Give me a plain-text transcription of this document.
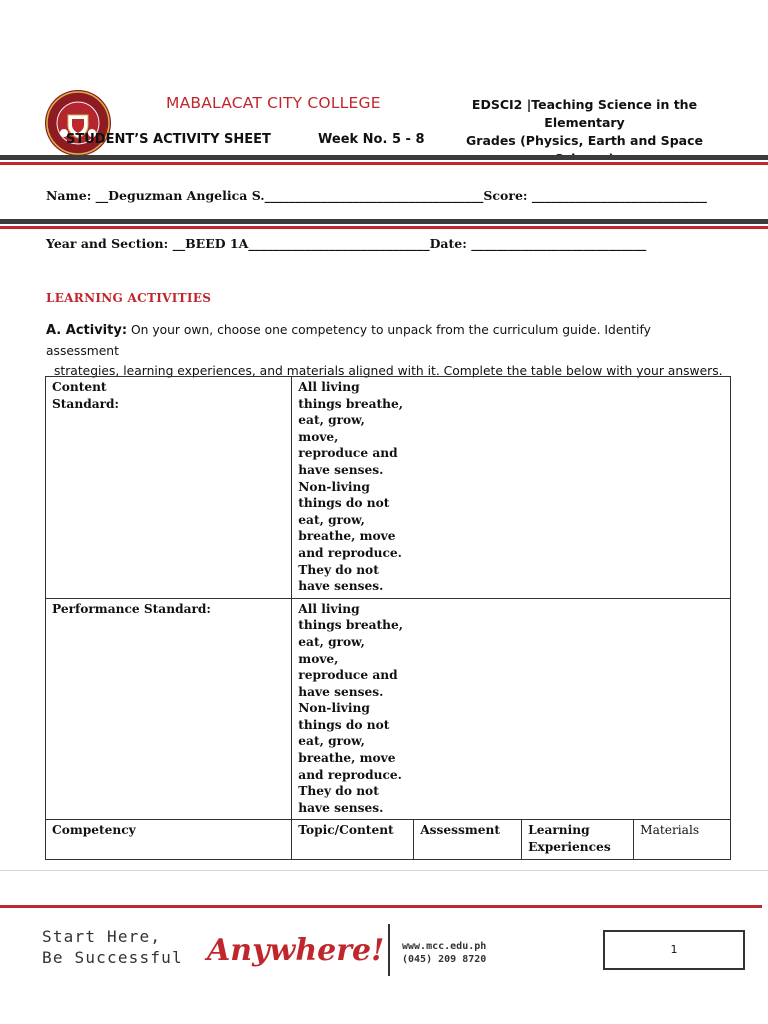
MABALACAT CITY COLLEGE	EDSCI2 |Teaching Science in the Elementary
Grades (Physics, Earth and Space
STUDENT’S ACTIVITY SHEET	Week No. 5 - 8
Name: __Deguzman Angelica S.___________________________________Score: ____________________________
Year and Section: __BEED 1A_____________________________Date: ____________________________
LEARNING ACTIVITIES
A. Activity: On your own, choose one competency to unpack from the curriculum guide. Identify assessment
strategies, learning experiences, and materials aligned with it. Complete the table below with your answers.
Content Standard:	All living things breathe, eat, grow, move, reproduce and have senses. Non-living things do not eat, grow, breathe, move and reproduce. They do not have senses.			

Performance Standard:	All living things breathe, eat, grow, move, reproduce and have senses. Non-living things do not eat, grow, breathe, move and reproduce. They do not have senses.			

Competency	Topic/Content	Assessment	Learning Experiences	Materials
Start Here,
Be Successful Anywhere! www.mcc.edu.ph
(045) 209 8720
1
